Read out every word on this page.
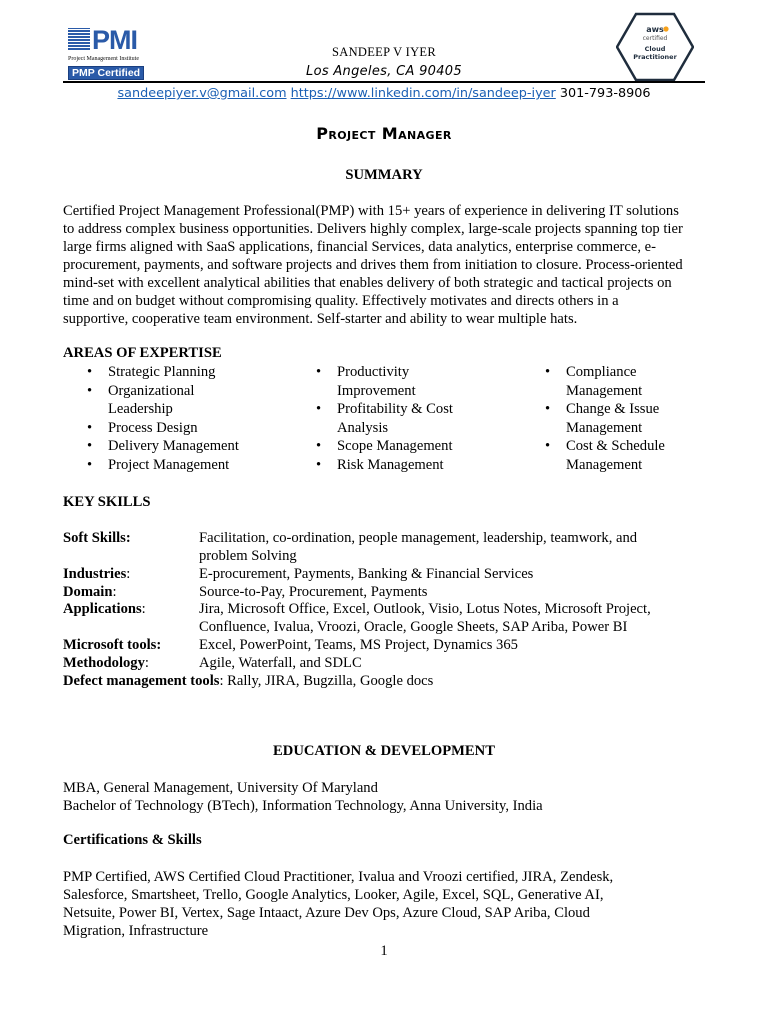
PMI
Project Management Institute
PMP Certified
aws
certified
Cloud
Practitioner
SANDEEP V IYER
Los Angeles, CA 90405
sandeepiyer.v@gmail.com https://www.linkedin.com/in/sandeep-iyer 301-793-8906
Project Manager
SUMMARY
Certified Project Management Professional(PMP) with 15+ years of experience in delivering IT solutions
to address complex business opportunities. Delivers highly complex, large-scale projects spanning top tier
large firms aligned with SaaS applications, financial Services, data analytics, enterprise commerce, e-
procurement, payments, and software projects and drives them from initiation to closure. Process-oriented
mind-set with excellent analytical abilities that enables delivery of both strategic and tactical projects on
time and on budget without compromising quality. Effectively motivates and directs others in a
supportive, cooperative team environment. Self-starter and ability to wear multiple hats.
AREAS OF EXPERTISE
• Strategic Planning
• Organizational
Leadership
• Process Design
• Delivery Management
• Project Management
• Productivity
Improvement
• Profitability & Cost
Analysis
• Scope Management
• Risk Management
• Compliance
Management
• Change & Issue
Management
• Cost & Schedule
Management
KEY SKILLS
Soft Skills:	Facilitation, co-ordination, people management, leadership, teamwork, and
problem Solving
Industries:	E-procurement, Payments, Banking & Financial Services
Domain:	Source-to-Pay, Procurement, Payments
Applications:	Jira, Microsoft Office, Excel, Outlook, Visio, Lotus Notes, Microsoft Project,
Confluence, Ivalua, Vroozi, Oracle, Google Sheets, SAP Ariba, Power BI
Microsoft tools:	Excel, PowerPoint, Teams, MS Project, Dynamics 365
Methodology:	Agile, Waterfall, and SDLC
Defect management tools: Rally, JIRA, Bugzilla, Google docs
EDUCATION & DEVELOPMENT
MBA, General Management, University Of Maryland
Bachelor of Technology (BTech), Information Technology, Anna University, India
Certifications & Skills
PMP Certified, AWS Certified Cloud Practitioner, Ivalua and Vroozi certified, JIRA, Zendesk,
Salesforce, Smartsheet, Trello, Google Analytics, Looker, Agile, Excel, SQL, Generative AI,
Netsuite, Power BI, Vertex, Sage Intaact, Azure Dev Ops, Azure Cloud, SAP Ariba, Cloud
Migration, Infrastructure
1
